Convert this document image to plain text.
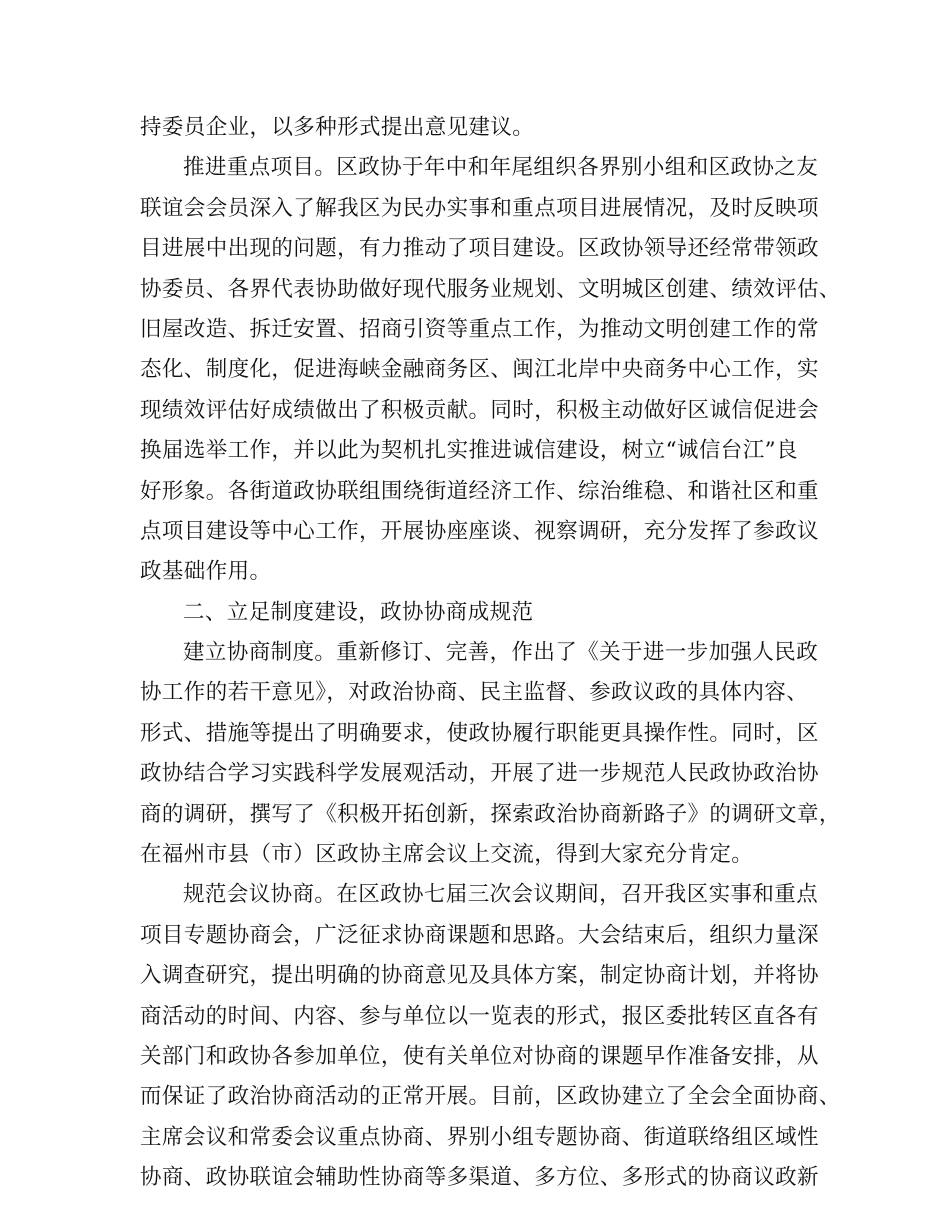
持委员企业，以多种形式提出意见建议。
推进重点项目。区政协于年中和年尾组织各界别小组和区政协之友
联谊会会员深入了解我区为民办实事和重点项目进展情况，及时反映项
目进展中出现的问题，有力推动了项目建设。区政协领导还经常带领政
协委员、各界代表协助做好现代服务业规划、文明城区创建、绩效评估、
旧屋改造、拆迁安置、招商引资等重点工作，为推动文明创建工作的常
态化、制度化，促进海峡金融商务区、闽江北岸中央商务中心工作，实
现绩效评估好成绩做出了积极贡献。同时，积极主动做好区诚信促进会
换届选举工作，并以此为契机扎实推进诚信建设，树立“诚信台江”良
好形象。各街道政协联组围绕街道经济工作、综治维稳、和谐社区和重
点项目建设等中心工作，开展协座座谈、视察调研，充分发挥了参政议
政基础作用。
二、立足制度建设，政协协商成规范
建立协商制度。重新修订、完善，作出了《关于进一步加强人民政
协工作的若干意见》，对政治协商、民主监督、参政议政的具体内容、
形式、措施等提出了明确要求，使政协履行职能更具操作性。同时，区
政协结合学习实践科学发展观活动，开展了进一步规范人民政协政治协
商的调研，撰写了《积极开拓创新，探索政治协商新路子》的调研文章，
在福州市县（市）区政协主席会议上交流，得到大家充分肯定。
规范会议协商。在区政协七届三次会议期间，召开我区实事和重点
项目专题协商会，广泛征求协商课题和思路。大会结束后，组织力量深
入调查研究，提出明确的协商意见及具体方案，制定协商计划，并将协
商活动的时间、内容、参与单位以一览表的形式，报区委批转区直各有
关部门和政协各参加单位，使有关单位对协商的课题早作准备安排，从
而保证了政治协商活动的正常开展。目前，区政协建立了全会全面协商、
主席会议和常委会议重点协商、界别小组专题协商、街道联络组区域性
协商、政协联谊会辅助性协商等多渠道、多方位、多形式的协商议政新
